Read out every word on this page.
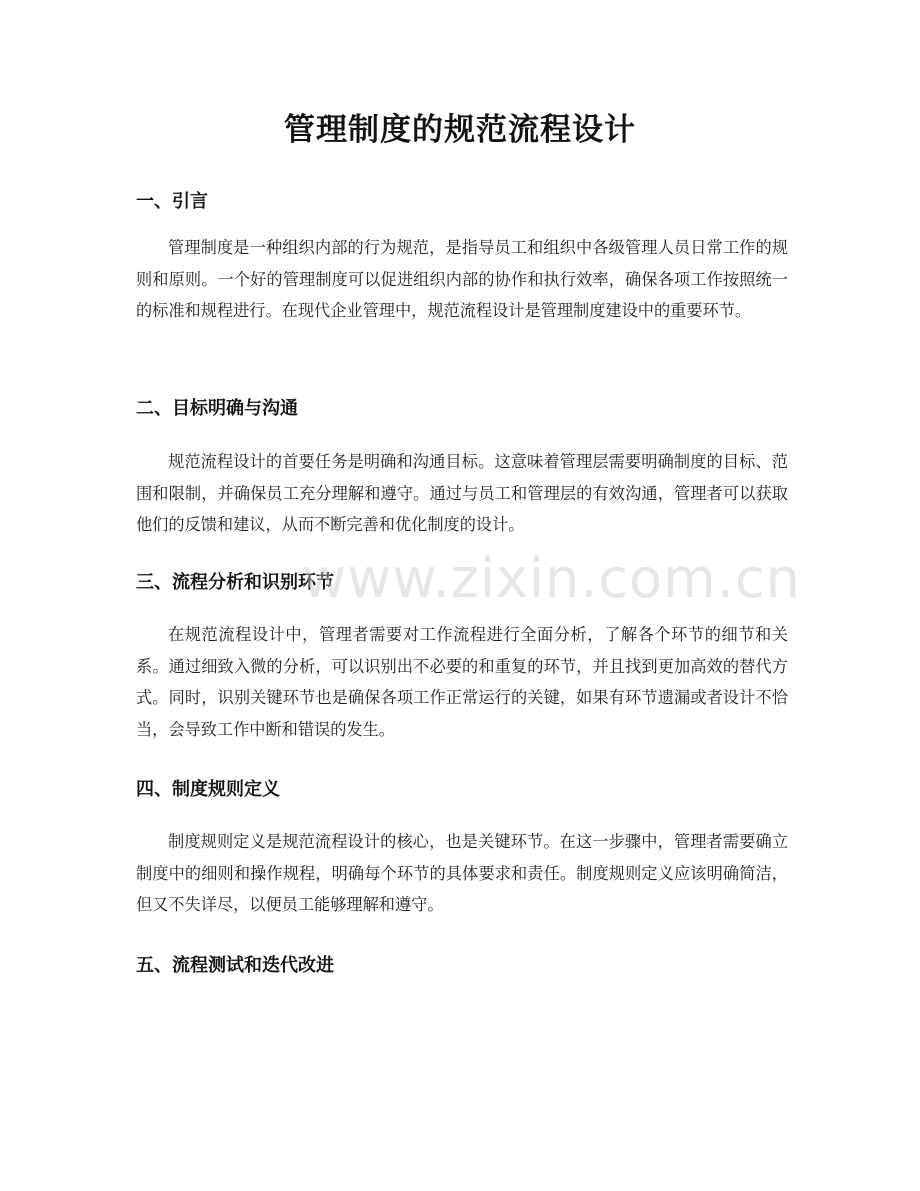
管理制度的规范流程设计
一、引言

管理制度是一种组织内部的行为规范，是指导员工和组织中各级管理人员日常工作的规则和原则。一个好的管理制度可以促进组织内部的协作和执行效率，确保各项工作按照统一的标准和规程进行。在现代企业管理中，规范流程设计是管理制度建设中的重要环节。

二、目标明确与沟通

规范流程设计的首要任务是明确和沟通目标。这意味着管理层需要明确制度的目标、范围和限制，并确保员工充分理解和遵守。通过与员工和管理层的有效沟通，管理者可以获取他们的反馈和建议，从而不断完善和优化制度的设计。

三、流程分析和识别环节

在规范流程设计中，管理者需要对工作流程进行全面分析，了解各个环节的细节和关系。通过细致入微的分析，可以识别出不必要的和重复的环节，并且找到更加高效的替代方式。同时，识别关键环节也是确保各项工作正常运行的关键，如果有环节遗漏或者设计不恰当，会导致工作中断和错误的发生。

四、制度规则定义

制度规则定义是规范流程设计的核心，也是关键环节。在这一步骤中，管理者需要确立制度中的细则和操作规程，明确每个环节的具体要求和责任。制度规则定义应该明确简洁，但又不失详尽，以便员工能够理解和遵守。

五、流程测试和迭代改进
www.zixin.com.cn
